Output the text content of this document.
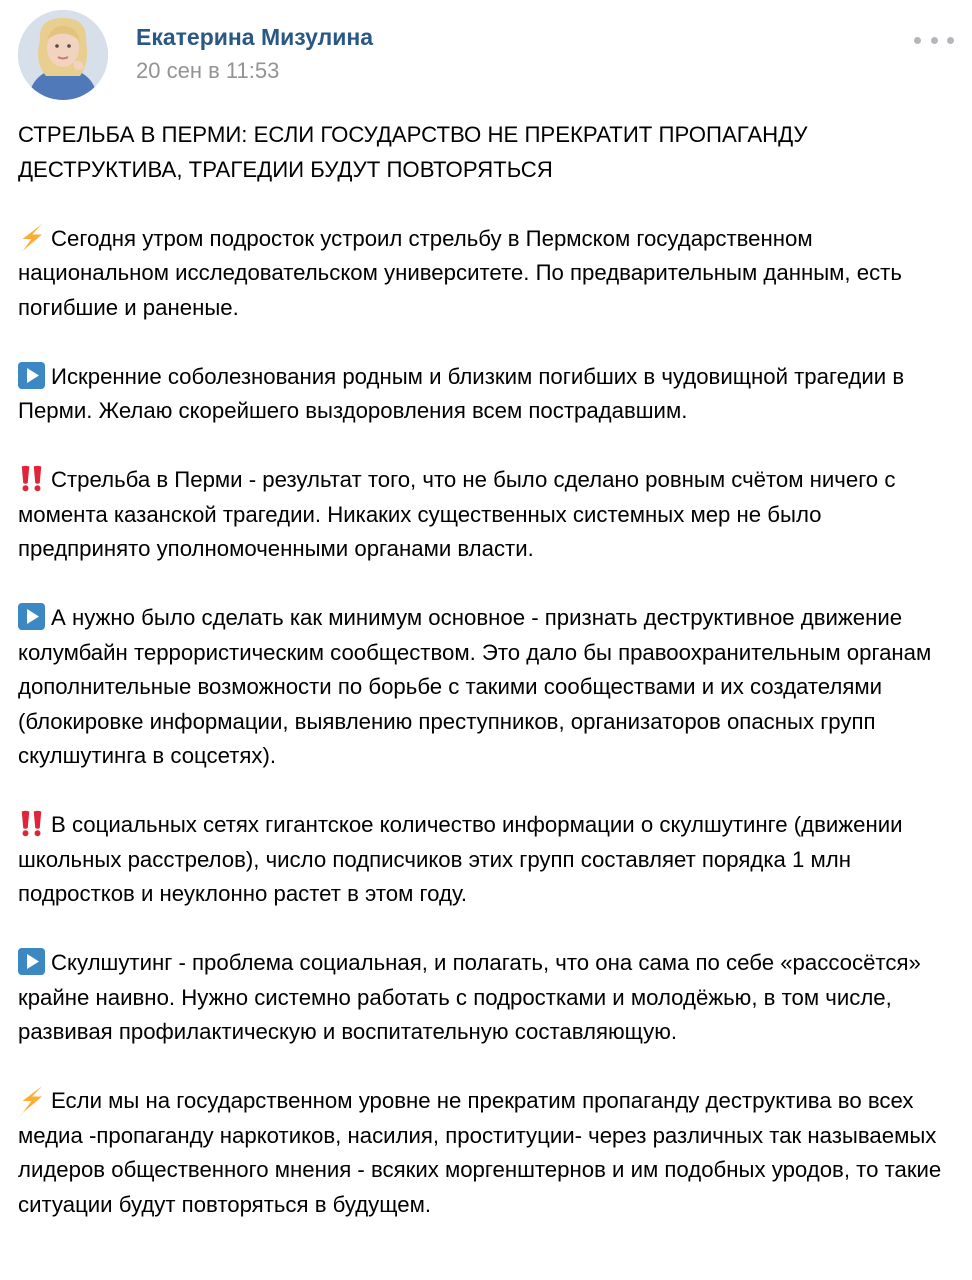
Екатерина Мизулина
20 сен в 11:53

СТРЕЛЬБА В ПЕРМИ: ЕСЛИ ГОСУДАРСТВО НЕ ПРЕКРАТИТ ПРОПАГАНДУ ДЕСТРУКТИВА, ТРАГЕДИИ БУДУТ ПОВТОРЯТЬСЯ

Сегодня утром подросток устроил стрельбу в Пермском государственном национальном исследовательском университете. По предварительным данным, есть погибшие и раненые.

Искренние соболезнования родным и близким погибших в чудовищной трагедии в Перми. Желаю скорейшего выздоровления всем пострадавшим.

Стрельба в Перми - результат того, что не было сделано ровным счётом ничего с момента казанской трагедии. Никаких существенных системных мер не было предпринято уполномоченными органами власти.

А нужно было сделать как минимум основное - признать деструктивное движение колумбайн террористическим сообществом. Это дало бы правоохранительным органам дополнительные возможности по борьбе с такими сообществами и их создателями (блокировке информации, выявлению преступников, организаторов опасных групп скулшутинга в соцсетях).

В социальных сетях гигантское количество информации о скулшутинге (движении школьных расстрелов), число подписчиков этих групп составляет порядка 1 млн подростков и неуклонно растет в этом году.

Скулшутинг - проблема социальная, и полагать, что она сама по себе «рассосётся» крайне наивно. Нужно системно работать с подростками и молодёжью, в том числе, развивая профилактическую и воспитательную составляющую.

Если мы на государственном уровне не прекратим пропаганду деструктива во всех медиа -пропаганду наркотиков, насилия, проституции- через различных так называемых лидеров общественного мнения - всяких моргенштернов и им подобных уродов, то такие ситуации будут повторяться в будущем.
